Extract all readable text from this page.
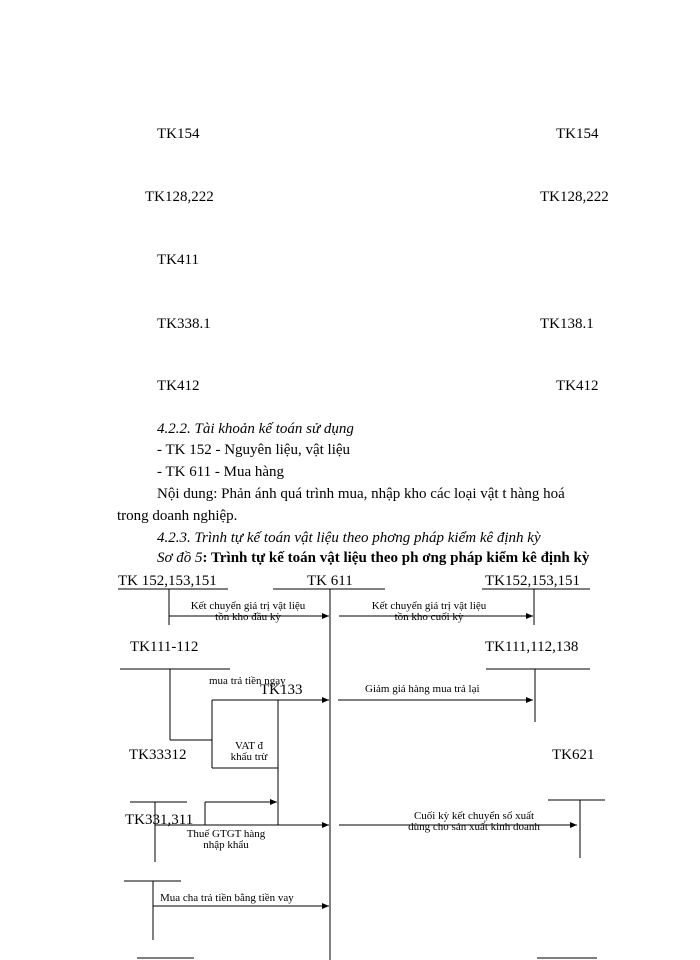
TK154	TK154
TK128,222	TK128,222
TK411
TK338.1	TK138.1
TK412	TK412
4.2.2. Tài khoản kế toán sử dụng
- TK 152 - Nguyên liệu, vật liệu
- TK 611 - Mua hàng
Nội dung: Phản ánh quá trình mua, nhập kho các loại vật t hàng hoá
trong doanh nghiệp.
4.2.3. Trình tự kế toán vật liệu theo phơng pháp kiểm kê định kỳ
Sơ đồ 5: Trình tự kế toán vật liệu theo ph ơng pháp kiểm kê định kỳ
TK 152,153,151	TK 611	TK152,153,151
TK111-112	TK111,112,138
TK133
TK33312	TK621
TK331,311
Kết chuyển giá trị vật liệu
tồn kho đầu kỳ
Kết chuyển giá trị vật liệu
tồn kho cuối kỳ
mua trả tiền ngay
Giảm giá hàng mua trả lại
VAT đ
khấu trừ
Cuối kỳ kết chuyển số xuất
dùng cho sản xuất kinh doanh
Thuế GTGT hàng
nhập khẩu
Mua cha trả tiền bằng tiền vay
